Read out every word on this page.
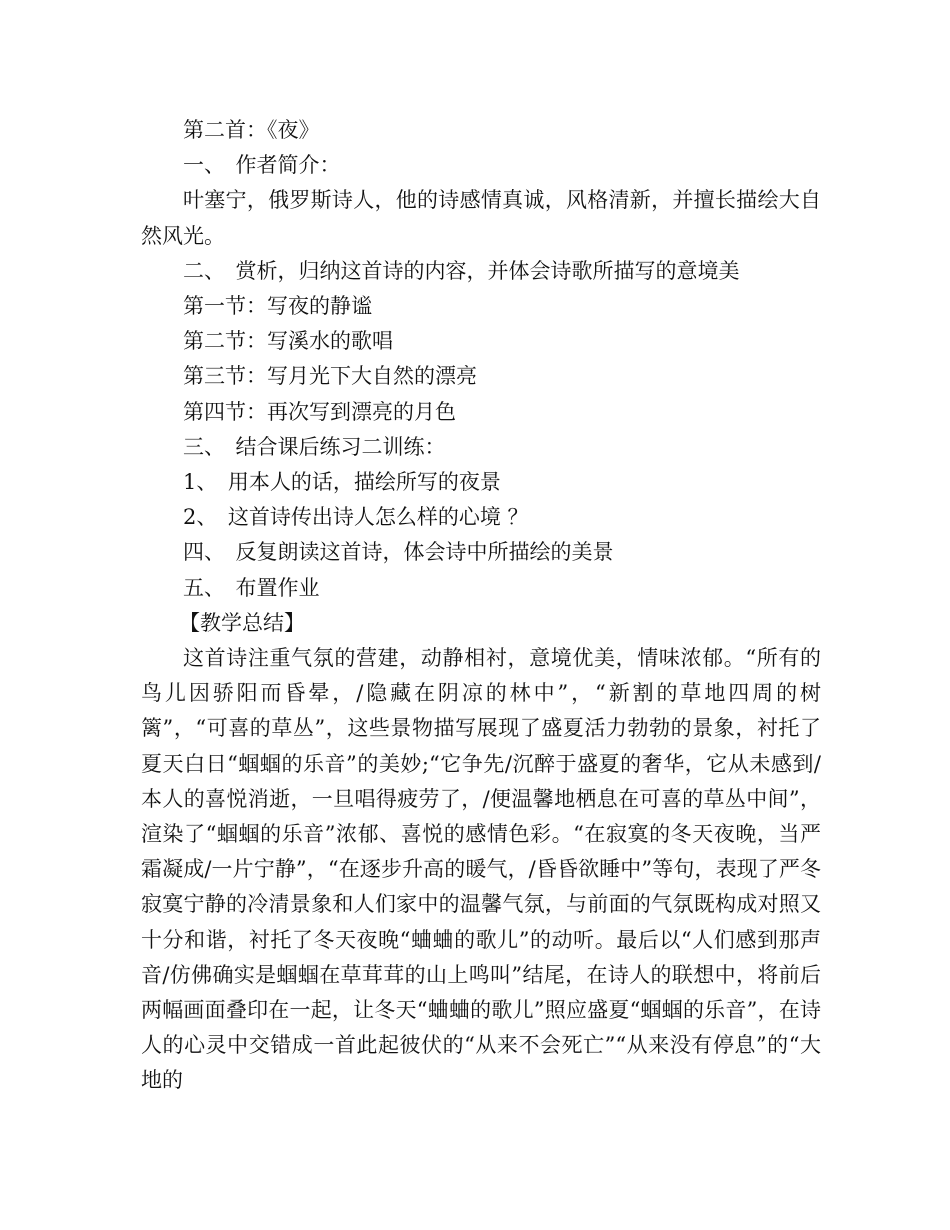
第二首：《夜》

一、　作者简介：

叶塞宁，俄罗斯诗人，他的诗感情真诚，风格清新，并擅长描绘大自然风光。

二、　赏析，归纳这首诗的内容，并体会诗歌所描写的意境美

第一节：写夜的静谧

第二节：写溪水的歌唱

第三节：写月光下大自然的漂亮

第四节：再次写到漂亮的月色

三、　结合课后练习二训练：

1、　用本人的话，描绘所写的夜景

2、　这首诗传出诗人怎么样的心境 ？

四、　反复朗读这首诗，体会诗中所描绘的美景

五、　布置作业

【教学总结】

这首诗注重气氛的营建，动静相衬，意境优美，情味浓郁。“所有的鸟儿因骄阳而昏晕，/隐藏在阴凉的林中”，“新割的草地四周的树篱”，“可喜的草丛”，这些景物描写展现了盛夏活力勃勃的景象，衬托了夏天白日“蝈蝈的乐音”的美妙;“它争先/沉醉于盛夏的奢华，它从未感到/本人的喜悦消逝，一旦唱得疲劳了，/便温馨地栖息在可喜的草丛中间”，渲染了“蝈蝈的乐音”浓郁、喜悦的感情色彩。“在寂寞的冬天夜晚，当严霜凝成/一片宁静”，“在逐步升高的暖气，/昏昏欲睡中”等句，表现了严冬寂寞宁静的冷清景象和人们家中的温馨气氛，与前面的气氛既构成对照又十分和谐，衬托了冬天夜晚“蛐蛐的歌儿”的动听。最后以“人们感到那声音/仿佛确实是蝈蝈在草茸茸的山上鸣叫”结尾，在诗人的联想中，将前后两幅画面叠印在一起，让冬天“蛐蛐的歌儿”照应盛夏“蝈蝈的乐音”，在诗人的心灵中交错成一首此起彼伏的“从来不会死亡”“从来没有停息”的“大地的
